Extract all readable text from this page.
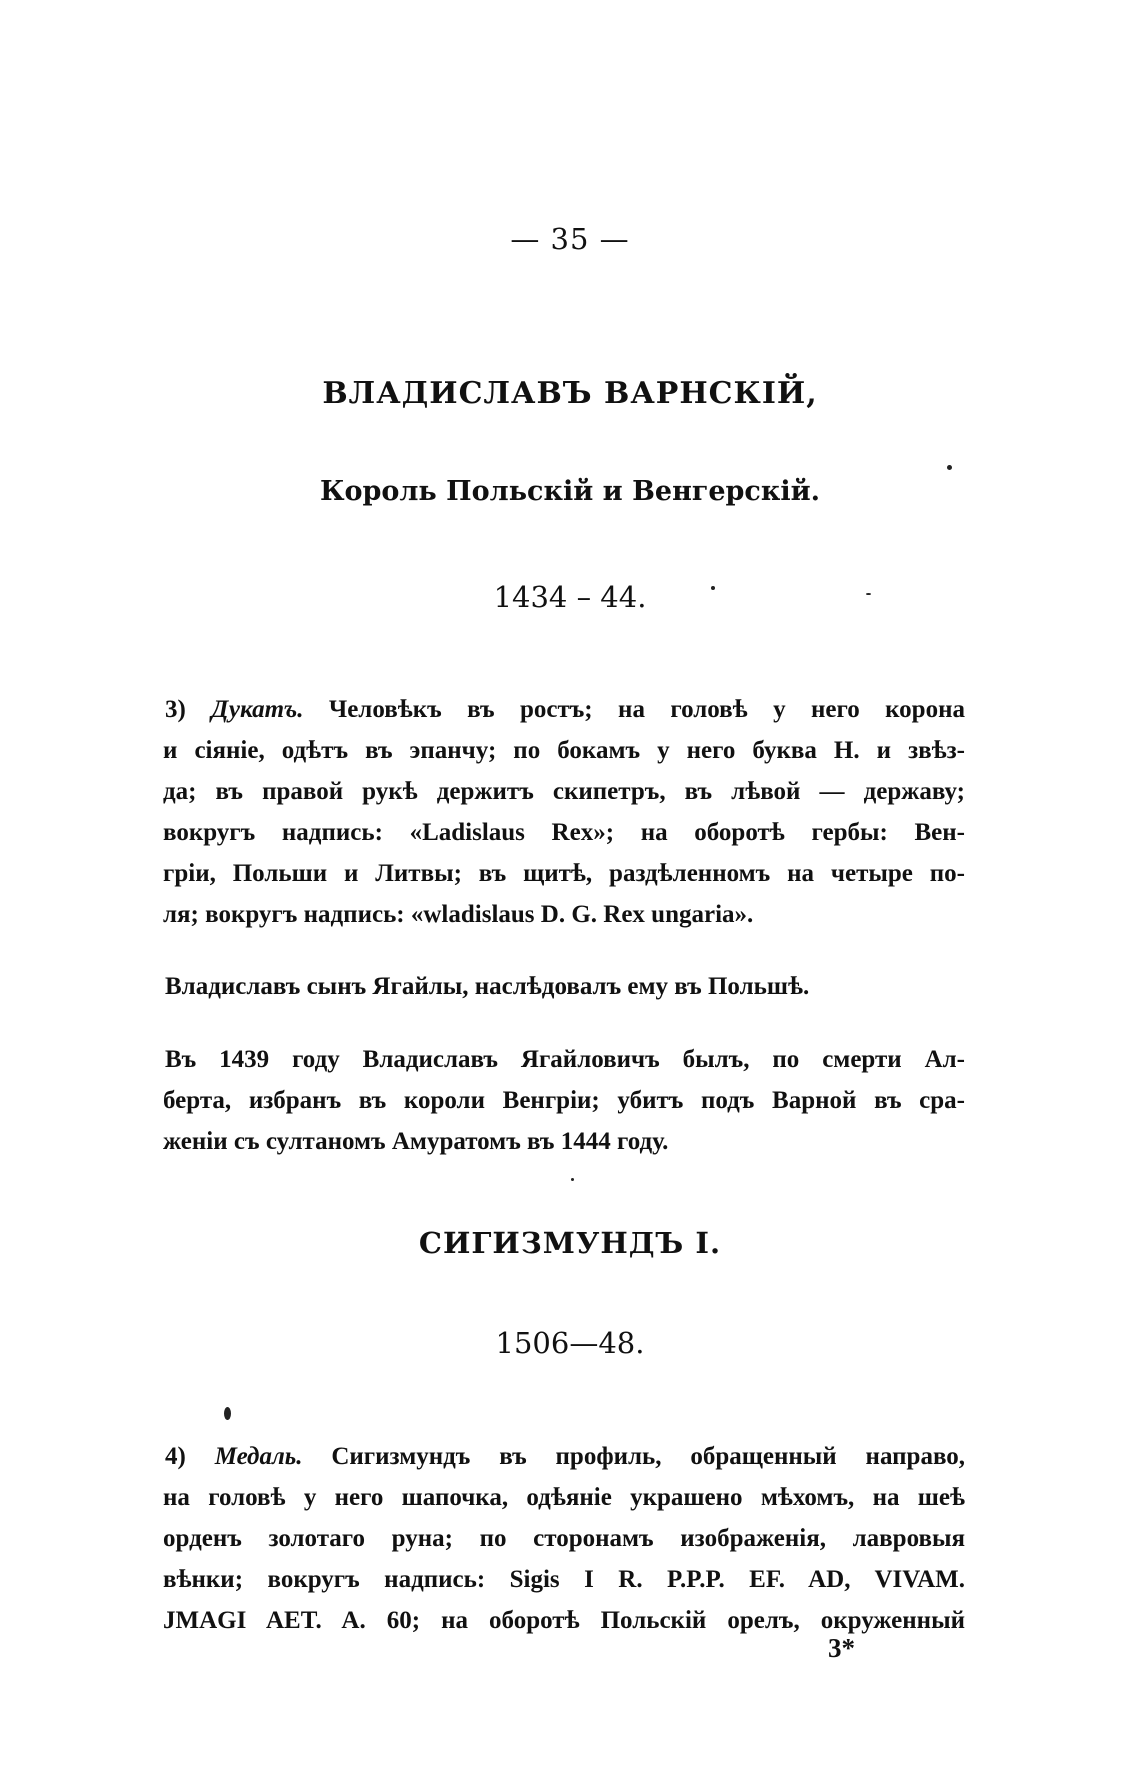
— 35 —
ВЛАДИСЛАВЪ ВАРНСКІЙ,
Король Польскій и Венгерскій.
1434 – 44.
3) Дукатъ. Человѣкъ въ ростъ; на головѣ у него корона
и сіяніе, одѣтъ въ эпанчу; по бокамъ у него буква Н. и звѣз-
да; въ правой рукѣ держитъ скипетръ, въ лѣвой — державу;
вокругъ надпись: «Ladislaus Rex»; на оборотѣ гербы: Вен-
гріи, Польши и Литвы; въ щитѣ, раздѣленномъ на четыре по-
ля; вокругъ надпись: «wladislaus D. G. Rex ungaria».
Владиславъ сынъ Ягайлы, наслѣдовалъ ему въ Польшѣ.
Въ 1439 году Владиславъ Ягайловичъ былъ, по смерти Ал-
берта, избранъ въ короли Венгріи; убитъ подъ Варной въ сра-
женіи съ султаномъ Амуратомъ въ 1444 году.
СИГИЗМУНДЪ I.
1506—48.
4) Медаль. Сигизмундъ въ профиль, обращенный направо,
на головѣ у него шапочка, одѣяніе украшено мѣхомъ, на шеѣ
орденъ золотаго руна; по сторонамъ изображенія, лавровыя
вѣнки; вокругъ надпись: Sigis I R. P.P.P. EF. AD, VIVAM.
JMAGI AET. A. 60; на оборотѣ Польскій орелъ, окруженный
3*
